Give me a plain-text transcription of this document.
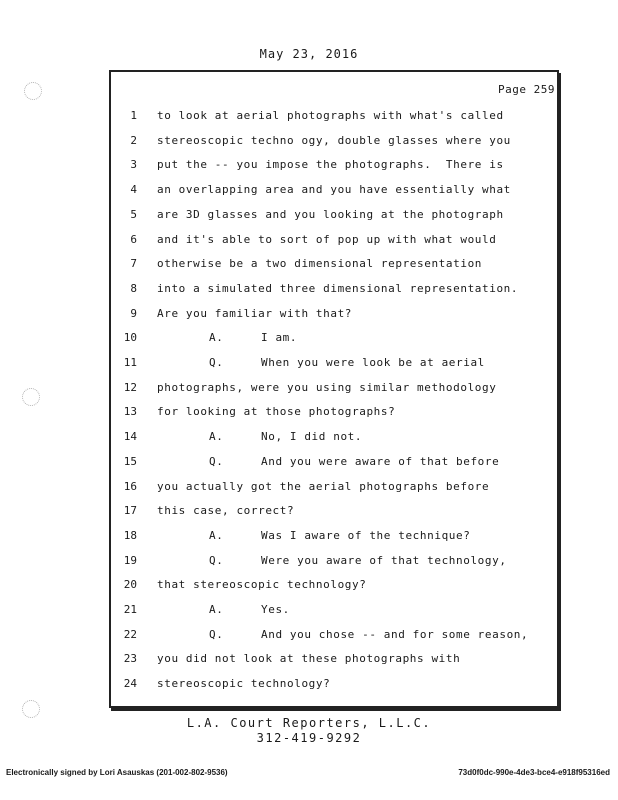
May 23, 2016
Page 259
1 to look at aerial photographs with what's called
2 stereoscopic techno ogy, double glasses where you
3 put the -- you impose the photographs.  There is
4 an overlapping area and you have essentially what
5 are 3D glasses and you looking at the photograph
6 and it's able to sort of pop up with what would
7 otherwise be a two dimensional representation
8 into a simulated three dimensional representation.
9 Are you familiar with that?
10	A.	I am.
11	Q.	When you were look be at aerial
12 photographs, were you using similar methodology
13 for looking at those photographs?
14	A.	No, I did not.
15	Q.	And you were aware of that before
16 you actually got the aerial photographs before
17 this case, correct?
18	A.	Was I aware of the technique?
19	Q.	Were you aware of that technology,
20 that stereoscopic technology?
21	A.	Yes.
22	Q.	And you chose -- and for some reason,
23 you did not look at these photographs with
24 stereoscopic technology?
L.A. Court Reporters, L.L.C.
312-419-9292
Electronically signed by Lori Asauskas (201-002-802-9536)	73d0f0dc-990e-4de3-bce4-e918f95316ed
